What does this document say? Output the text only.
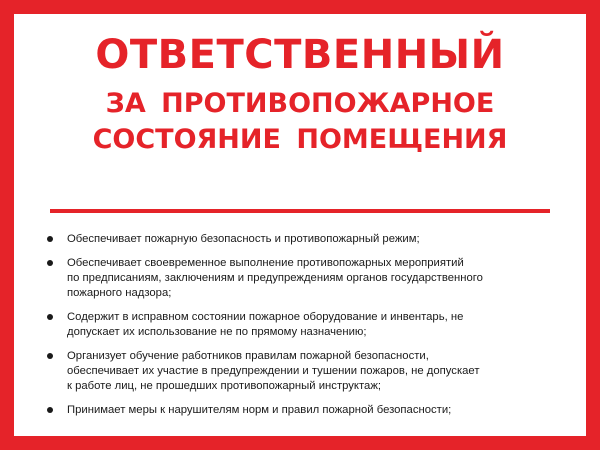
ОТВЕТСТВЕННЫЙ
ЗА ПРОТИВОПОЖАРНОЕ
СОСТОЯНИЕ ПОМЕЩЕНИЯ
Обеспечивает пожарную безопасность и противопожарный режим;
Обеспечивает своевременное выполнение противопожарных мероприятий
по предписаниям, заключениям и предупреждениям органов государственного
пожарного надзора;
Содержит в исправном состоянии пожарное оборудование и инвентарь, не
допускает их использование не по прямому назначению;
Организует обучение работников правилам пожарной безопасности,
обеспечивает их участие в предупреждении и тушении пожаров, не допускает
к работе лиц, не прошедших противопожарный инструктаж;
Принимает меры к нарушителям норм и правил пожарной безопасности;
